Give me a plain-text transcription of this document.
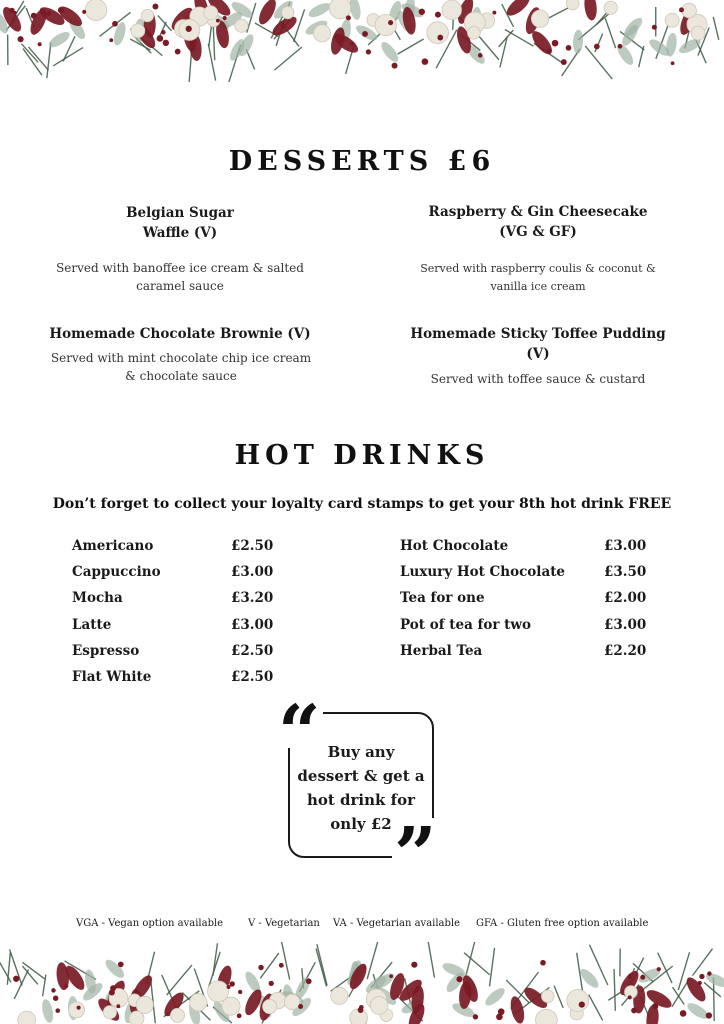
DESSERTS £6
Belgian Sugar
Waffle (V)
Served with banoffee ice cream & salted
caramel sauce
Raspberry & Gin Cheesecake
(VG & GF)
Served with raspberry coulis & coconut &
vanilla ice cream
Homemade Chocolate Brownie (V)
Served with mint chocolate chip ice cream
& chocolate sauce
Homemade Sticky Toffee Pudding
(V)
Served with toffee sauce & custard
HOT DRINKS
Don’t forget to collect your loyalty card stamps to get your 8th hot drink FREE
Americano	£2.50
Cappuccino	£3.00
Mocha	£3.20
Latte	£3.00
Espresso	£2.50
Flat White	£2.50
Hot Chocolate	£3.00
Luxury Hot Chocolate	£3.50
Tea for one	£2.00
Pot of tea for two	£3.00
Herbal Tea	£2.20
“
”
Buy any
dessert & get a
hot drink for
only £2
VGA - Vegan option available V - Vegetarian VA - Vegetarian available GFA - Gluten free option available
